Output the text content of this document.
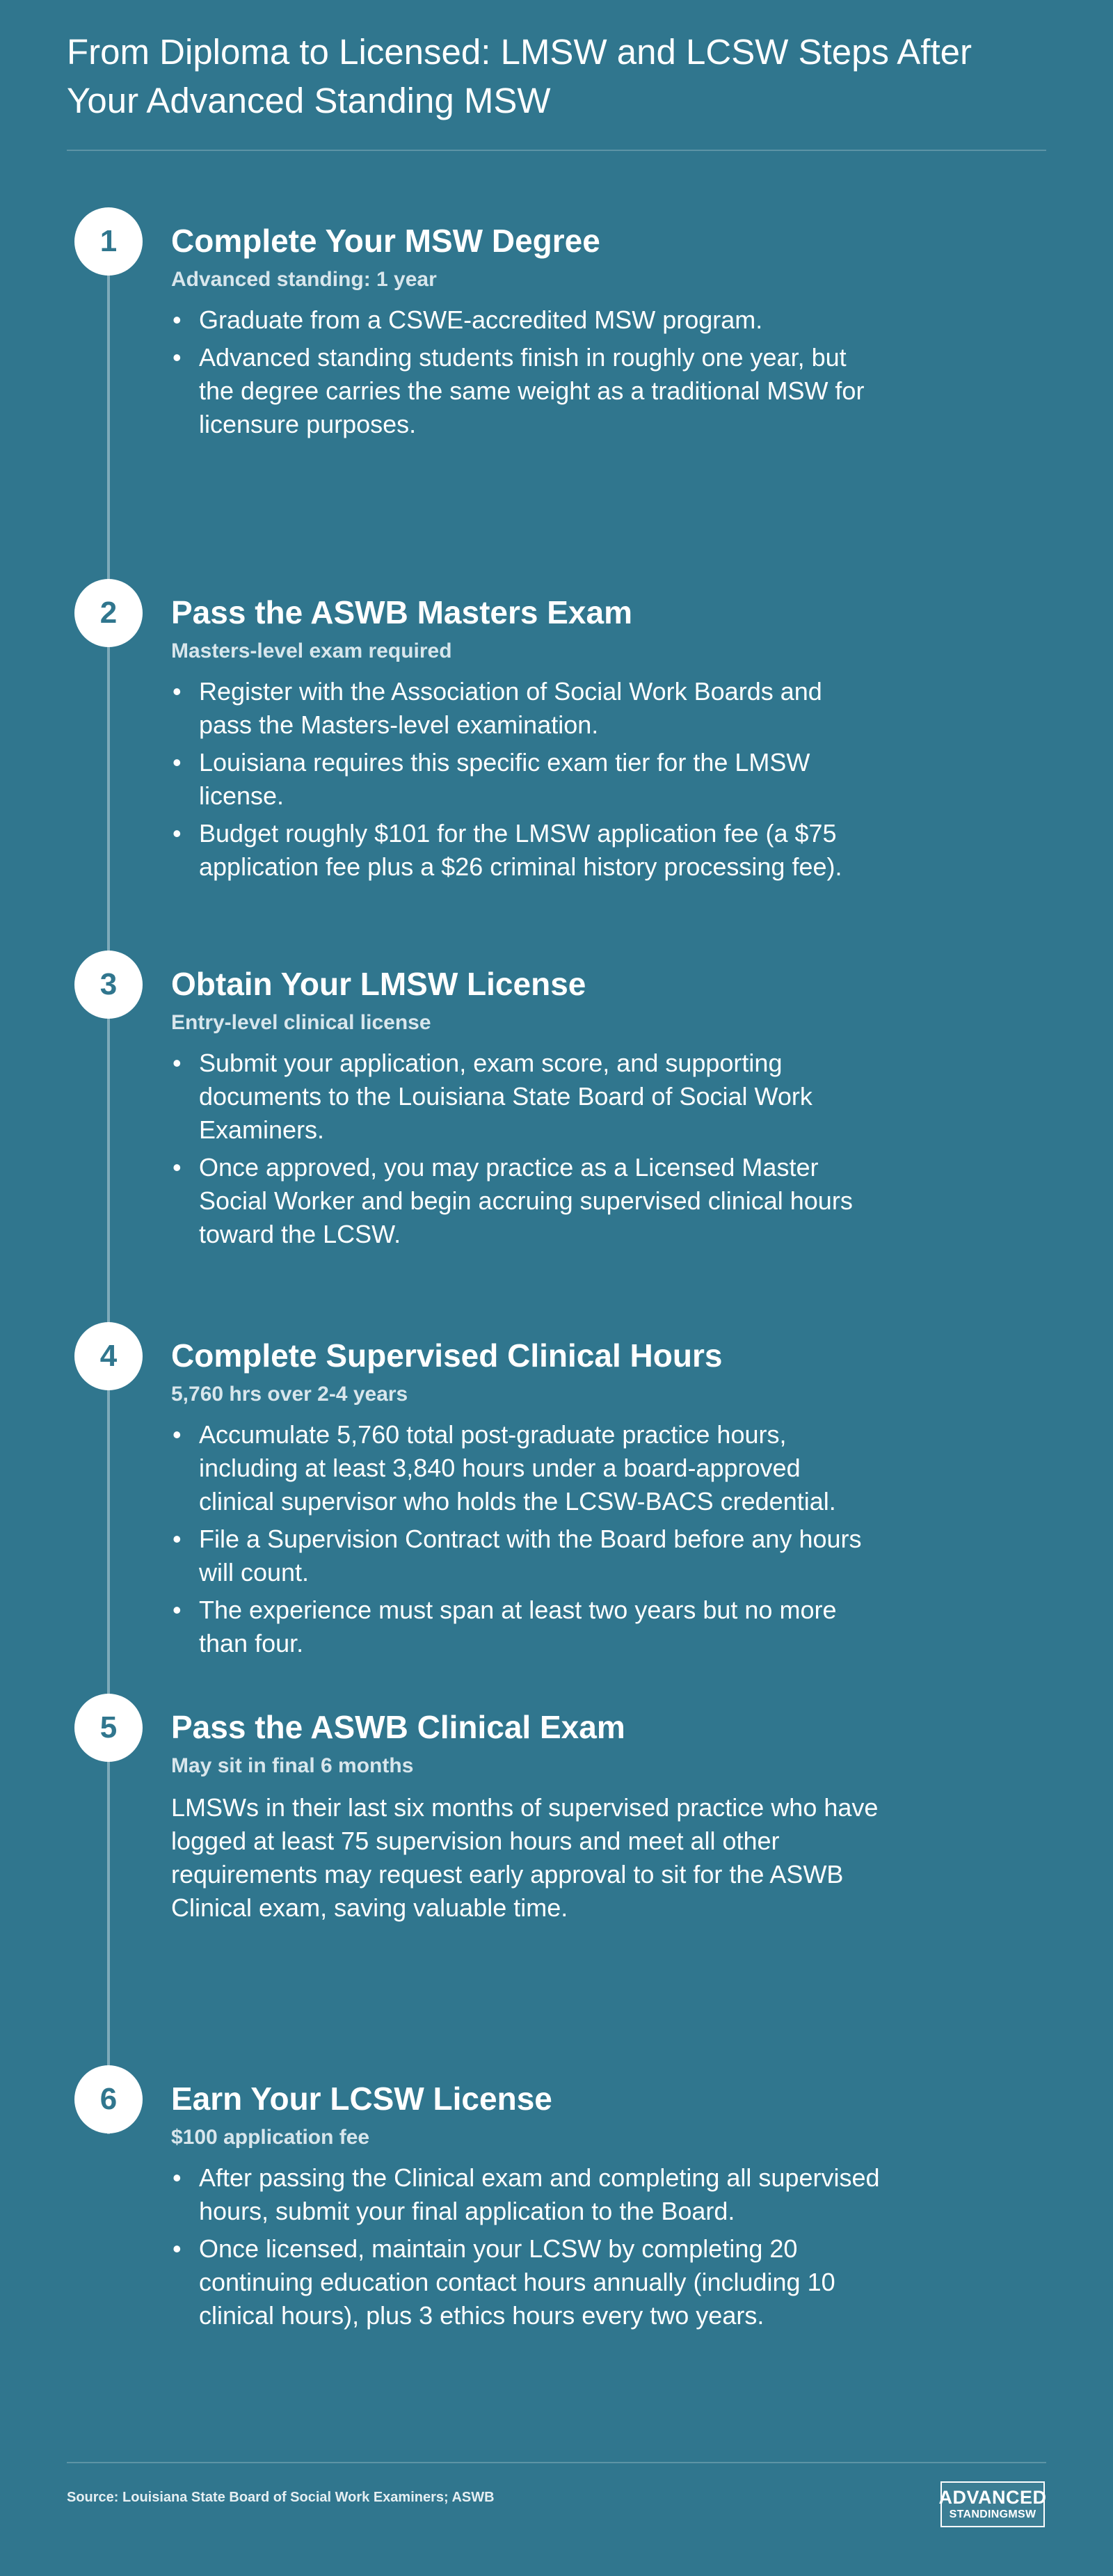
From Diploma to Licensed: LMSW and LCSW Steps After Your Advanced Standing MSW
1	Complete Your MSW Degree
Advanced standing: 1 year
• Graduate from a CSWE-accredited MSW program.
• Advanced standing students finish in roughly one year, but the degree carries the same weight as a traditional MSW for licensure purposes.
2	Pass the ASWB Masters Exam
Masters-level exam required
• Register with the Association of Social Work Boards and pass the Masters-level examination.
• Louisiana requires this specific exam tier for the LMSW license.
• Budget roughly $101 for the LMSW application fee (a $75 application fee plus a $26 criminal history processing fee).
3	Obtain Your LMSW License
Entry-level clinical license
• Submit your application, exam score, and supporting documents to the Louisiana State Board of Social Work Examiners.
• Once approved, you may practice as a Licensed Master Social Worker and begin accruing supervised clinical hours toward the LCSW.
4	Complete Supervised Clinical Hours
5,760 hrs over 2-4 years
• Accumulate 5,760 total post-graduate practice hours, including at least 3,840 hours under a board-approved clinical supervisor who holds the LCSW-BACS credential.
• File a Supervision Contract with the Board before any hours will count.
• The experience must span at least two years but no more than four.
5	Pass the ASWB Clinical Exam
May sit in final 6 months
LMSWs in their last six months of supervised practice who have logged at least 75 supervision hours and meet all other requirements may request early approval to sit for the ASWB Clinical exam, saving valuable time.
6	Earn Your LCSW License
$100 application fee
• After passing the Clinical exam and completing all supervised hours, submit your final application to the Board.
• Once licensed, maintain your LCSW by completing 20 continuing education contact hours annually (including 10 clinical hours), plus 3 ethics hours every two years.
Source: Louisiana State Board of Social Work Examiners; ASWB	ADVANCED
STANDINGMSW
